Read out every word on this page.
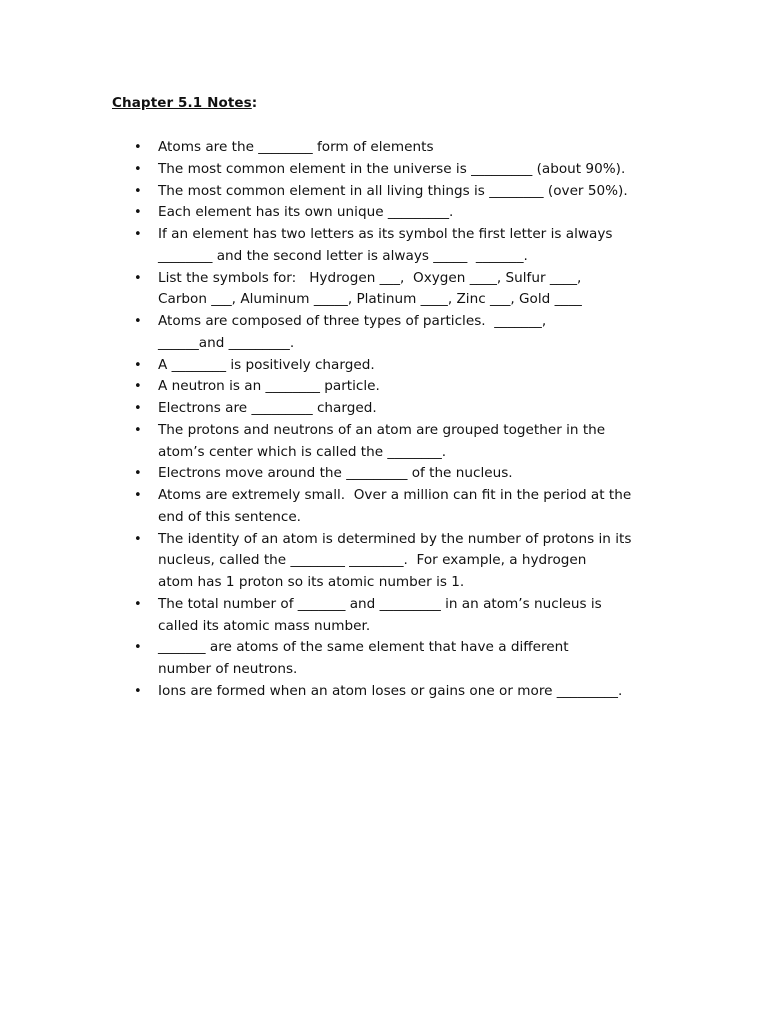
Chapter 5.1 Notes:
• Atoms are the ________ form of elements
• The most common element in the universe is _________ (about 90%).
• The most common element in all living things is ________ (over 50%).
• Each element has its own unique _________.
• If an element has two letters as its symbol the first letter is always
________ and the second letter is always _____  _______.
• List the symbols for:   Hydrogen ___,  Oxygen ____, Sulfur ____,
Carbon ___, Aluminum _____, Platinum ____, Zinc ___, Gold ____
• Atoms are composed of three types of particles.  _______,
______and _________.
• A ________ is positively charged.
• A neutron is an ________ particle.
• Electrons are _________ charged.
• The protons and neutrons of an atom are grouped together in the
atom’s center which is called the ________.
• Electrons move around the _________ of the nucleus.
• Atoms are extremely small.  Over a million can fit in the period at the
end of this sentence.
• The identity of an atom is determined by the number of protons in its
nucleus, called the ________ ________.  For example, a hydrogen
atom has 1 proton so its atomic number is 1.
• The total number of _______ and _________ in an atom’s nucleus is
called its atomic mass number.
• _______ are atoms of the same element that have a different
number of neutrons.
• Ions are formed when an atom loses or gains one or more _________.
